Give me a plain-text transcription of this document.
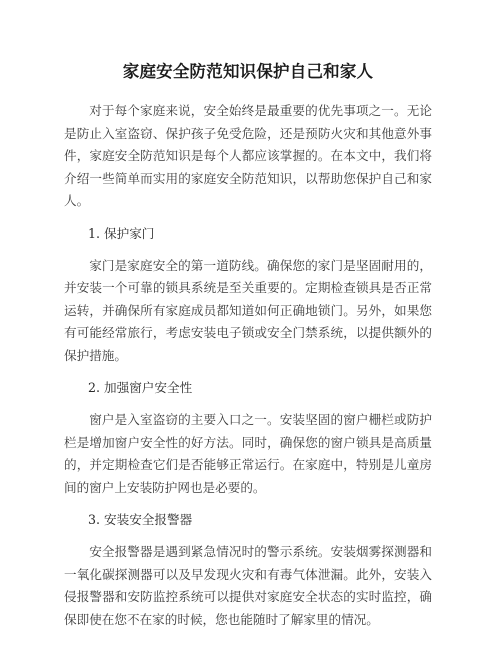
家庭安全防范知识保护自己和家人

对于每个家庭来说，安全始终是最重要的优先事项之一。无论是防止入室盗窃、保护孩子免受危险，还是预防火灾和其他意外事件，家庭安全防范知识是每个人都应该掌握的。在本文中，我们将介绍一些简单而实用的家庭安全防范知识，以帮助您保护自己和家人。

1. 保护家门

家门是家庭安全的第一道防线。确保您的家门是坚固耐用的，并安装一个可靠的锁具系统是至关重要的。定期检查锁具是否正常运转，并确保所有家庭成员都知道如何正确地锁门。另外，如果您有可能经常旅行，考虑安装电子锁或安全门禁系统，以提供额外的保护措施。

2. 加强窗户安全性

窗户是入室盗窃的主要入口之一。安装坚固的窗户栅栏或防护栏是增加窗户安全性的好方法。同时，确保您的窗户锁具是高质量的，并定期检查它们是否能够正常运行。在家庭中，特别是儿童房间的窗户上安装防护网也是必要的。

3. 安装安全报警器

安全报警器是遇到紧急情况时的警示系统。安装烟雾探测器和一氧化碳探测器可以及早发现火灾和有毒气体泄漏。此外，安装入侵报警器和安防监控系统可以提供对家庭安全状态的实时监控，确保即使在您不在家的时候，您也能随时了解家里的情况。
